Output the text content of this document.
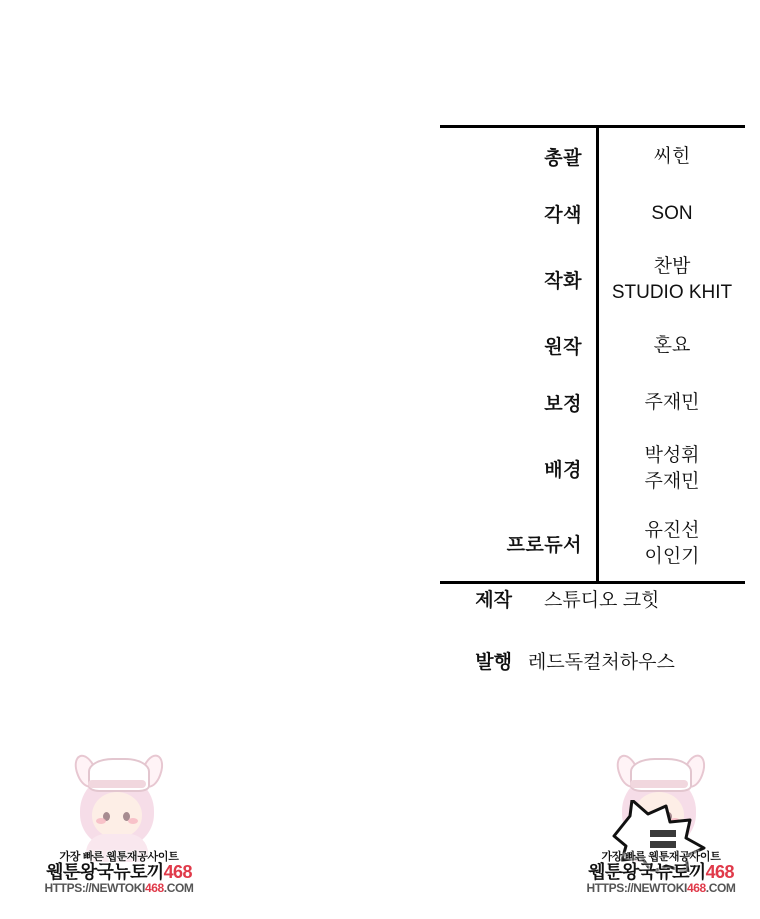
총괄	씨힌

각색	SON

작화	찬밤
STUDIO KHIT

원작	혼요

보정	주재민

배경	박성휘
주재민

프로듀서	유진선
이인기
제작 스튜디오 크힛
발행 레드독컬처하우스
가장 빠른 웹툰재공사이트
웹툰왕국뉴토끼468
HTTPS://NEWTOKI468.COM
가장 빠른 웹툰재공사이트
웹툰왕국뉴토끼468
HTTPS://NEWTOKI468.COM
